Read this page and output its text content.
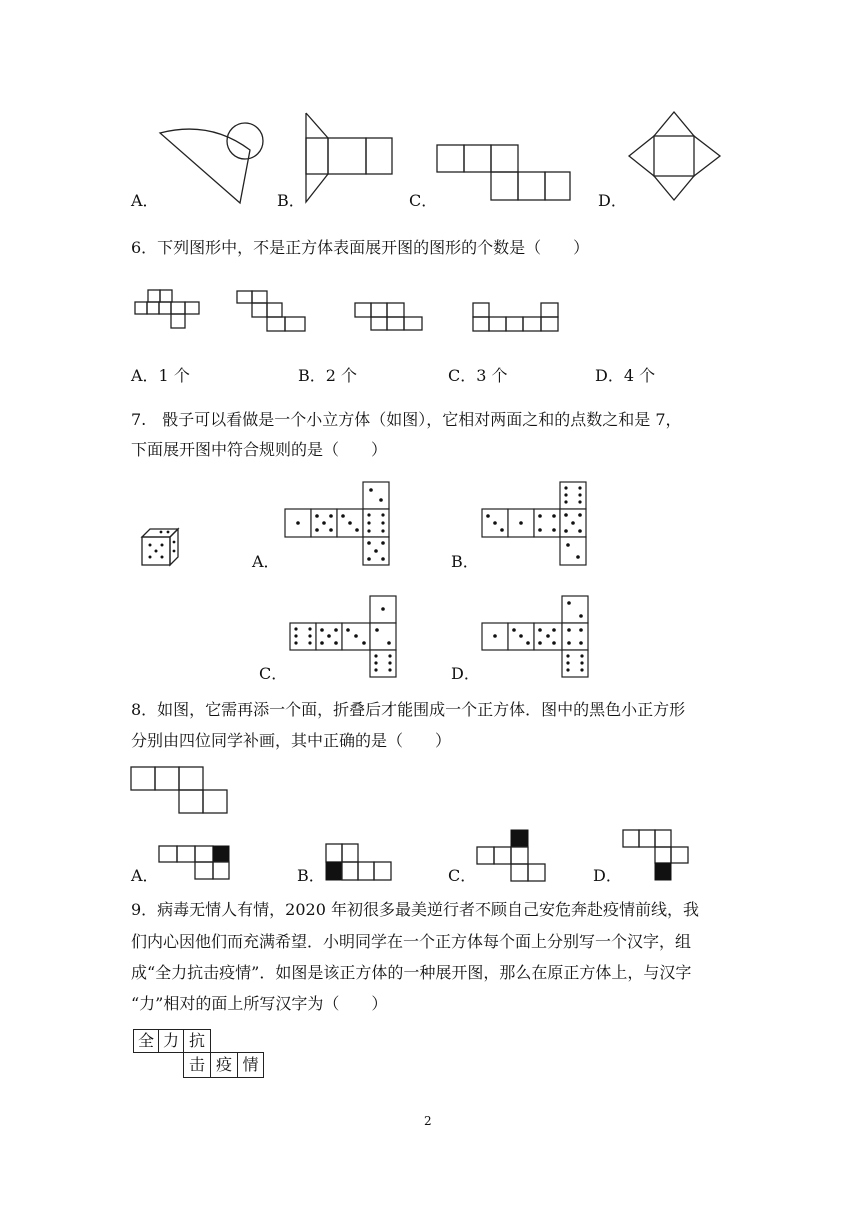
A．	B．	C．	D．
6．下列图形中，不是正方体表面展开图的图形的个数是（　　）
A．1 个	B．2 个	C．3 个	D．4 个
7.　骰子可以看做是一个小立方体（如图），它相对两面之和的点数之和是 7，
下面展开图中符合规则的是（　　）
A．	B．
C．	D．
8．如图，它需再添一个面，折叠后才能围成一个正方体．图中的黑色小正方形
分别由四位同学补画，其中正确的是（　　）
A．	B．	C．	D．
9．病毒无情人有情，2020 年初很多最美逆行者不顾自己安危奔赴疫情前线，我
们内心因他们而充满希望．小明同学在一个正方体每个面上分别写一个汉字，组
成“全力抗击疫情”．如图是该正方体的一种展开图，那么在原正方体上，与汉字
“力”相对的面上所写汉字为（　　）
全 力 抗
击 疫 情
2
